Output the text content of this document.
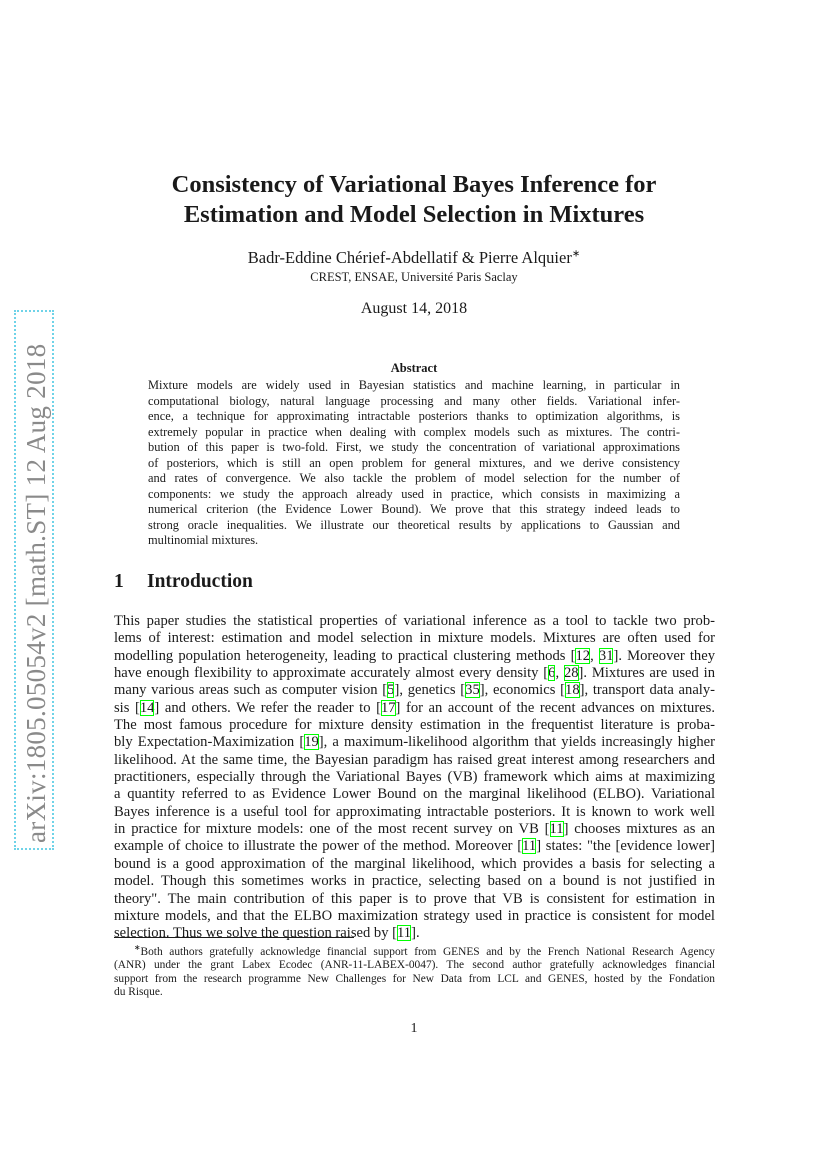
arXiv:1805.05054v2 [math.ST] 12 Aug 2018
Consistency of Variational Bayes Inference for
Estimation and Model Selection in Mixtures
Badr-Eddine Chérief-Abdellatif & Pierre Alquier∗
CREST, ENSAE, Université Paris Saclay
August 14, 2018
Abstract
Mixture models are widely used in Bayesian statistics and machine learning, in particular in
computational biology, natural language processing and many other fields. Variational infer-
ence, a technique for approximating intractable posteriors thanks to optimization algorithms, is
extremely popular in practice when dealing with complex models such as mixtures. The contri-
bution of this paper is two-fold. First, we study the concentration of variational approximations
of posteriors, which is still an open problem for general mixtures, and we derive consistency
and rates of convergence. We also tackle the problem of model selection for the number of
components: we study the approach already used in practice, which consists in maximizing a
numerical criterion (the Evidence Lower Bound). We prove that this strategy indeed leads to
strong oracle inequalities. We illustrate our theoretical results by applications to Gaussian and
multinomial mixtures.
1 Introduction
This paper studies the statistical properties of variational inference as a tool to tackle two prob-
lems of interest: estimation and model selection in mixture models. Mixtures are often used for
modelling population heterogeneity, leading to practical clustering methods [12, 31]. Moreover they
have enough flexibility to approximate accurately almost every density [6, 28]. Mixtures are used in
many various areas such as computer vision [5], genetics [35], economics [18], transport data analy-
sis [14] and others. We refer the reader to [17] for an account of the recent advances on mixtures.
The most famous procedure for mixture density estimation in the frequentist literature is proba-
bly Expectation-Maximization [19], a maximum-likelihood algorithm that yields increasingly higher
likelihood. At the same time, the Bayesian paradigm has raised great interest among researchers and
practitioners, especially through the Variational Bayes (VB) framework which aims at maximizing
a quantity referred to as Evidence Lower Bound on the marginal likelihood (ELBO). Variational
Bayes inference is a useful tool for approximating intractable posteriors. It is known to work well
in practice for mixture models: one of the most recent survey on VB [11] chooses mixtures as an
example of choice to illustrate the power of the method. Moreover [11] states: "the [evidence lower]
bound is a good approximation of the marginal likelihood, which provides a basis for selecting a
model. Though this sometimes works in practice, selecting based on a bound is not justified in
theory". The main contribution of this paper is to prove that VB is consistent for estimation in
mixture models, and that the ELBO maximization strategy used in practice is consistent for model
selection. Thus we solve the question raised by [11].
∗Both authors gratefully acknowledge financial support from GENES and by the French National Research Agency
(ANR) under the grant Labex Ecodec (ANR-11-LABEX-0047). The second author gratefully acknowledges financial
support from the research programme New Challenges for New Data from LCL and GENES, hosted by the Fondation
du Risque.
1
